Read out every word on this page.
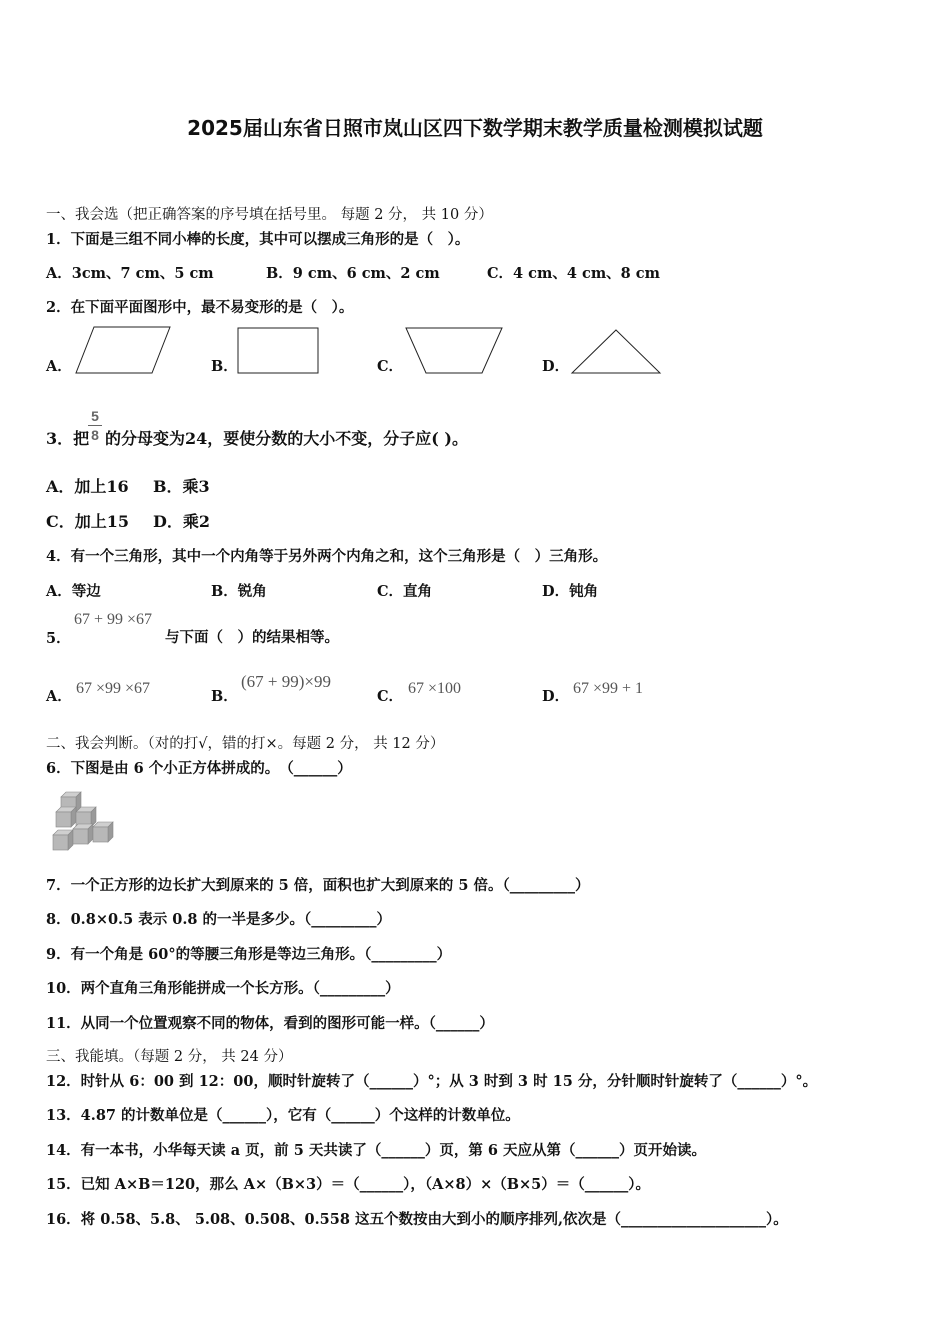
2025届山东省日照市岚山区四下数学期末教学质量检测模拟试题
一、我会选（把正确答案的序号填在括号里。 每题 2 分， 共 10 分）
1．下面是三组不同小棒的长度，其中可以摆成三角形的是（　）。
A．3cm、7 cm、5 cm	B．9 cm、6 cm、2 cm	C．4 cm、4 cm、8 cm
2．在下面平面图形中，最不易变形的是（　）。
A．	B．	C．	D．
3．把
5
8 的分母变为24，要使分数的大小不变，分子应( )。
A．加上16 B．乘3
C．加上15 D．乘2
4．有一个三角形，其中一个内角等于另外两个内角之和，这个三角形是（　）三角形。
A．等边	B．锐角	C．直角	D．钝角
5．
67 + 99 ×67
与下面（　）的结果相等。
A． 67 ×99 ×67	B．
(67 + 99)×99
C． 67 ×100	D． 67 ×99 + 1
二、我会判断。（对的打√，错的打×。每题 2 分， 共 12 分）
6．下图是由 6 个小正方体拼成的。　（______）
7．一个正方形的边长扩大到原来的 5 倍，面积也扩大到原来的 5 倍。（_________）
8．0.8×0.5 表示 0.8 的一半是多少。（_________）
9．有一个角是 60°的等腰三角形是等边三角形。（_________）
10．两个直角三角形能拼成一个长方形。（_________）
11．从同一个位置观察不同的物体，看到的图形可能一样。（______）
三、我能填。（每题 2 分， 共 24 分）
12．时针从 6：00 到 12：00，顺时针旋转了（______）°；从 3 时到 3 时 15 分，分针顺时针旋转了（______）°。
13．4.87 的计数单位是（______），它有（______）个这样的计数单位。
14．有一本书，小华每天读 a 页，前 5 天共读了（______）页，第 6 天应从第（______）页开始读。
15．已知 A×B＝120，那么 A×（B×3）＝（______），（A×8）×（B×5）＝（______）。
16．将 0.58、5.8、 5.08、0.508、0.558 这五个数按由大到小的顺序排列,依次是（____________________）。
